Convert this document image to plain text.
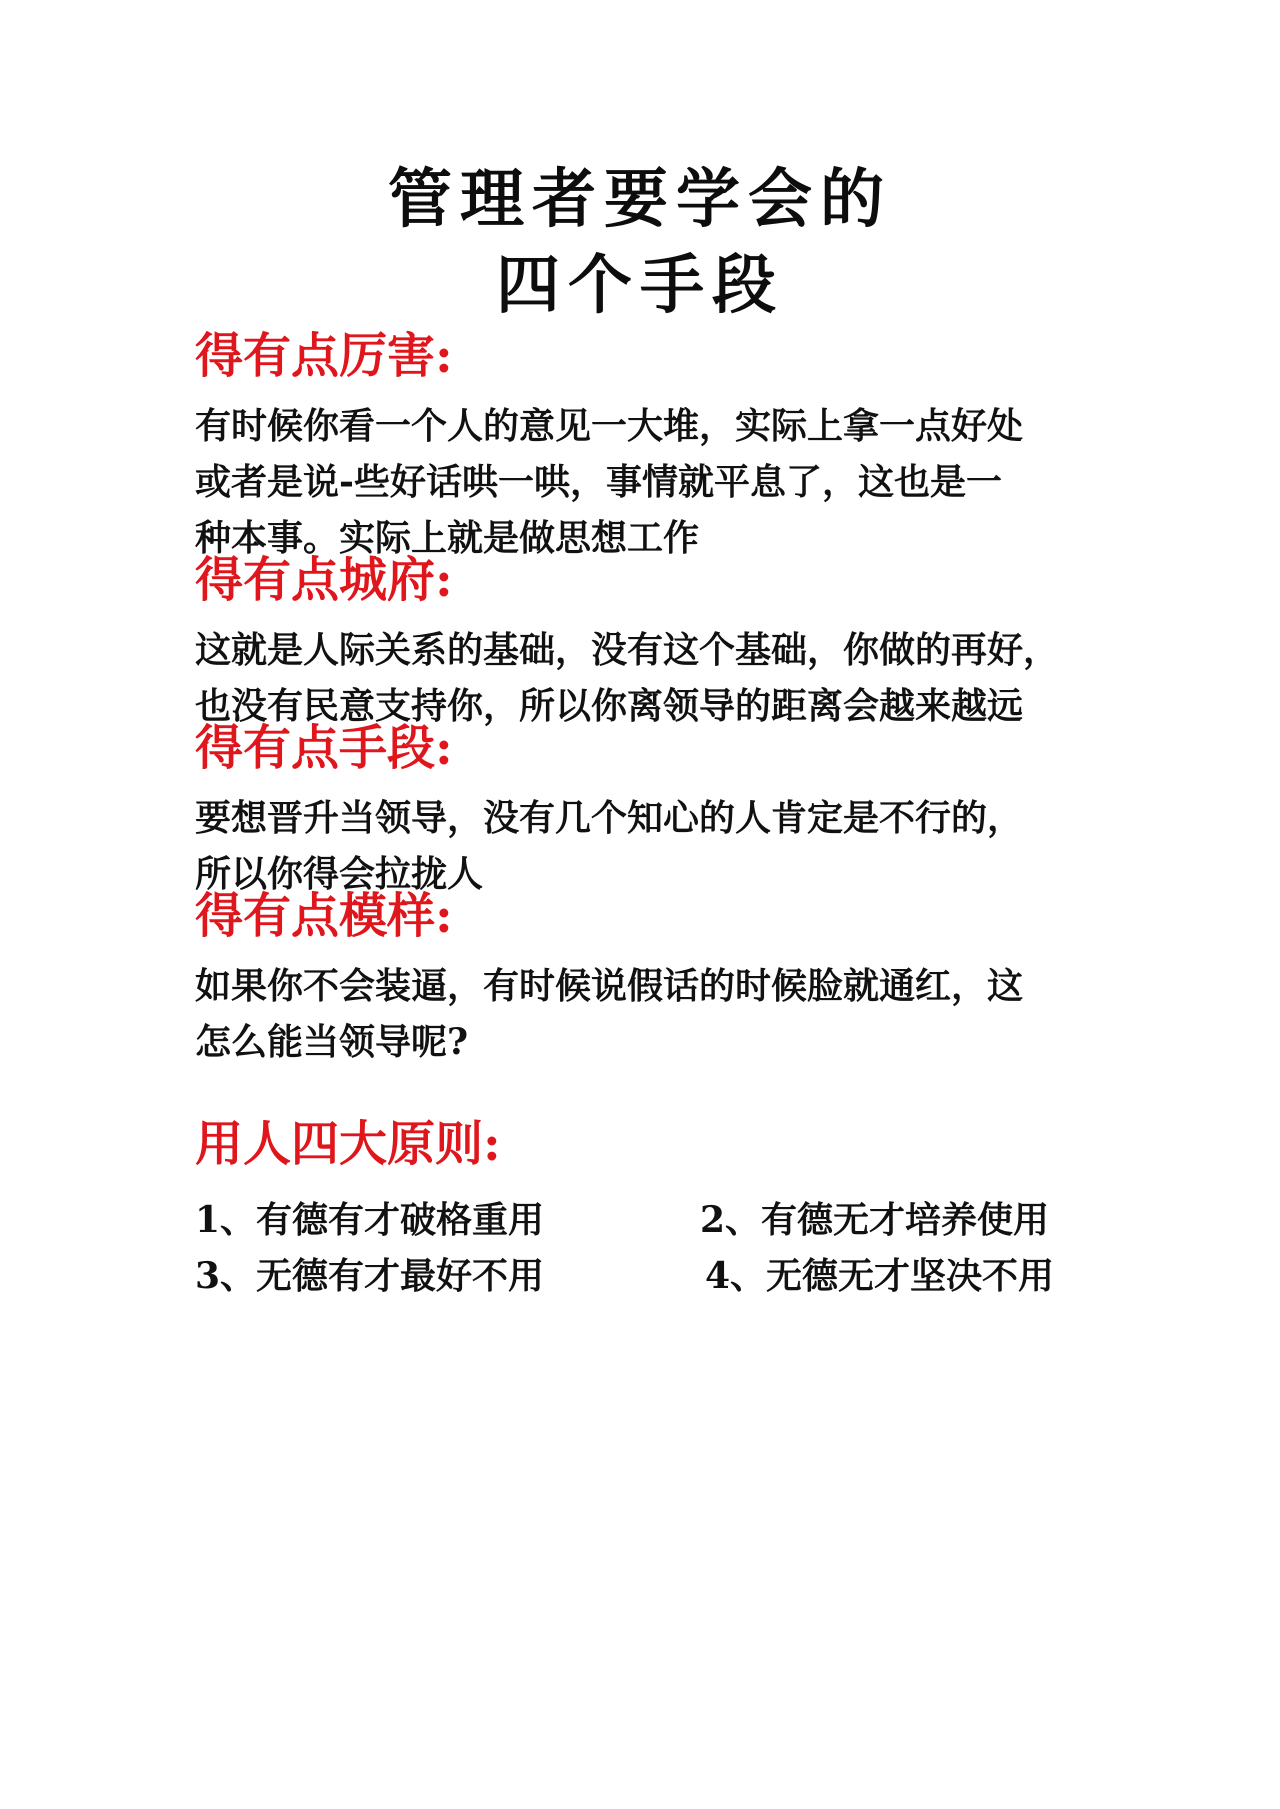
管理者要学会的
四个手段
得有点厉害:
有时候你看一个人的意见一大堆，实际上拿一点好处
或者是说-些好话哄一哄，事情就平息了，这也是一
种本事。实际上就是做思想工作
得有点城府:
这就是人际关系的基础，没有这个基础，你做的再好，
也没有民意支持你，所以你离领导的距离会越来越远
得有点手段:
要想晋升当领导，没有几个知心的人肯定是不行的，
所以你得会拉拢人
得有点模样:
如果你不会装逼，有时候说假话的时候脸就通红，这
怎么能当领导呢?
用人四大原则:
1、有德有才破格重用	2、有德无才培养使用
3、无德有才最好不用	4、无德无才坚决不用
